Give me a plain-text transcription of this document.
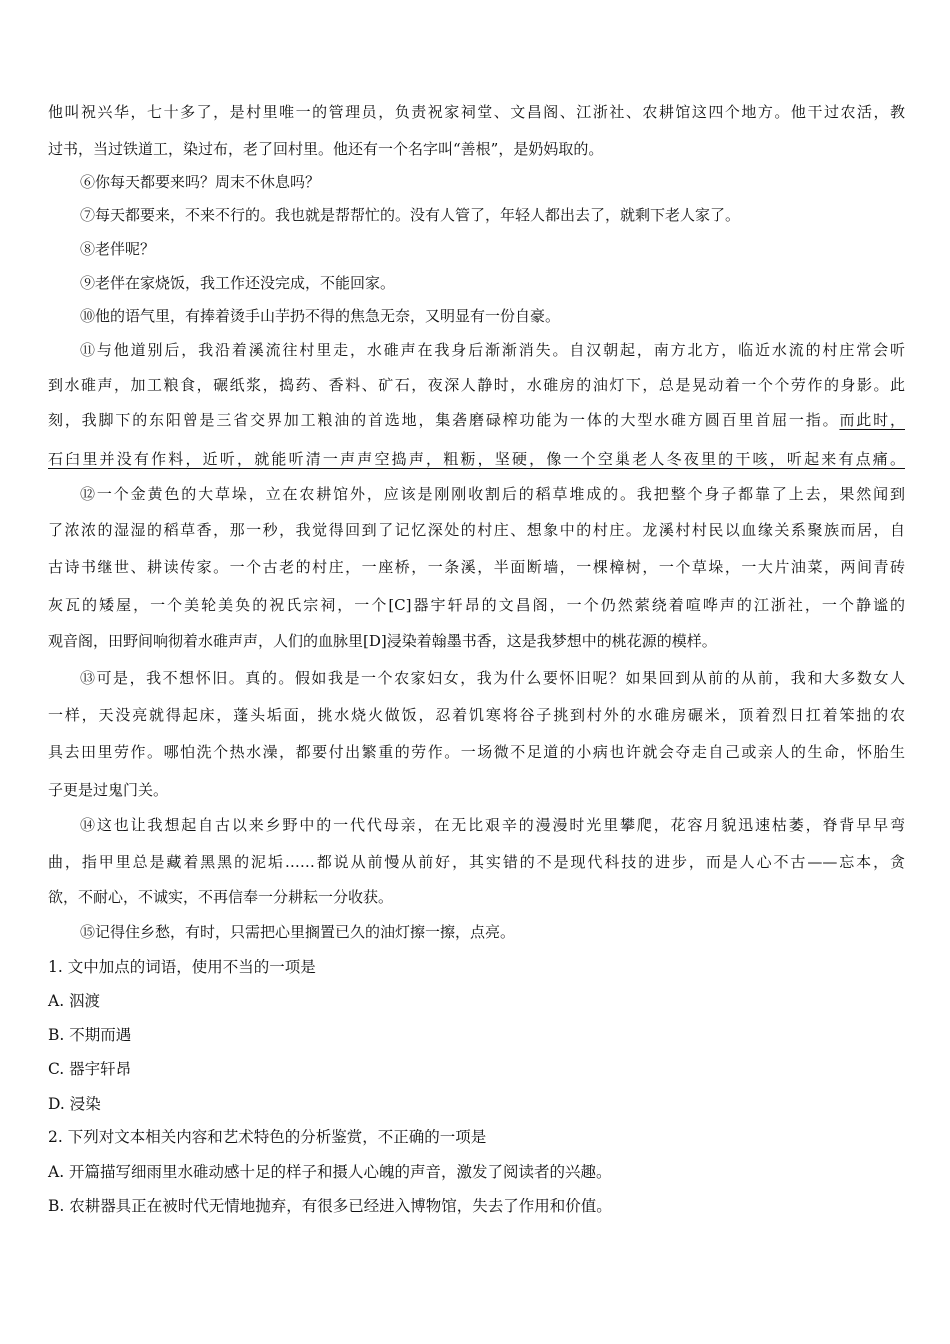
他叫祝兴华，七十多了，是村里唯一的管理员，负责祝家祠堂、文昌阁、江浙社、农耕馆这四个地方。他干过农活，教
过书，当过铁道工，染过布，老了回村里。他还有一个名字叫“善根”，是奶妈取的。
⑥你每天都要来吗？周末不休息吗？
⑦每天都要来，不来不行的。我也就是帮帮忙的。没有人管了，年轻人都出去了，就剩下老人家了。
⑧老伴呢？
⑨老伴在家烧饭，我工作还没完成，不能回家。
⑩他的语气里，有捧着烫手山芋扔不得的焦急无奈，又明显有一份自豪。
⑪与他道别后，我沿着溪流往村里走，水碓声在我身后渐渐消失。自汉朝起，南方北方，临近水流的村庄常会听
到水碓声，加工粮食，碾纸浆，捣药、香料、矿石，夜深人静时，水碓房的油灯下，总是晃动着一个个劳作的身影。此
刻，我脚下的东阳曾是三省交界加工粮油的首选地，集砻磨碌榨功能为一体的大型水碓方圆百里首屈一指。而此时，
石臼里并没有作料，近听，就能听清一声声空捣声，粗粝，坚硬，像一个空巢老人冬夜里的干咳，听起来有点痛。
⑫一个金黄色的大草垛，立在农耕馆外，应该是刚刚收割后的稻草堆成的。我把整个身子都靠了上去，果然闻到
了浓浓的湿湿的稻草香，那一秒，我觉得回到了记忆深处的村庄、想象中的村庄。龙溪村村民以血缘关系聚族而居，自
古诗书继世、耕读传家。一个古老的村庄，一座桥，一条溪，半面断墙，一棵樟树，一个草垛，一大片油菜，两间青砖
灰瓦的矮屋，一个美轮美奂的祝氏宗祠，一个[C]器宇轩昂的文昌阁，一个仍然萦绕着喧哗声的江浙社，一个静谧的
观音阁，田野间响彻着水碓声声，人们的血脉里[D]浸染着翰墨书香，这是我梦想中的桃花源的模样。
⑬可是，我不想怀旧。真的。假如我是一个农家妇女，我为什么要怀旧呢？如果回到从前的从前，我和大多数女人
一样，天没亮就得起床，蓬头垢面，挑水烧火做饭，忍着饥寒将谷子挑到村外的水碓房碾米，顶着烈日扛着笨拙的农
具去田里劳作。哪怕洗个热水澡，都要付出繁重的劳作。一场微不足道的小病也许就会夺走自己或亲人的生命，怀胎生
子更是过鬼门关。
⑭这也让我想起自古以来乡野中的一代代母亲，在无比艰辛的漫漫时光里攀爬，花容月貌迅速枯萎，脊背早早弯
曲，指甲里总是藏着黑黑的泥垢……都说从前慢从前好，其实错的不是现代科技的进步，而是人心不古——忘本，贪
欲，不耐心，不诚实，不再信奉一分耕耘一分收获。
⑮记得住乡愁，有时，只需把心里搁置已久的油灯擦一擦，点亮。
1. 文中加点的词语，使用不当的一项是
A. 泅渡
B. 不期而遇
C. 器宇轩昂
D. 浸染
2. 下列对文本相关内容和艺术特色的分析鉴赏，不正确的一项是
A. 开篇描写细雨里水碓动感十足的样子和摄人心魄的声音，激发了阅读者的兴趣。
B. 农耕器具正在被时代无情地抛弃，有很多已经进入博物馆，失去了作用和价值。
